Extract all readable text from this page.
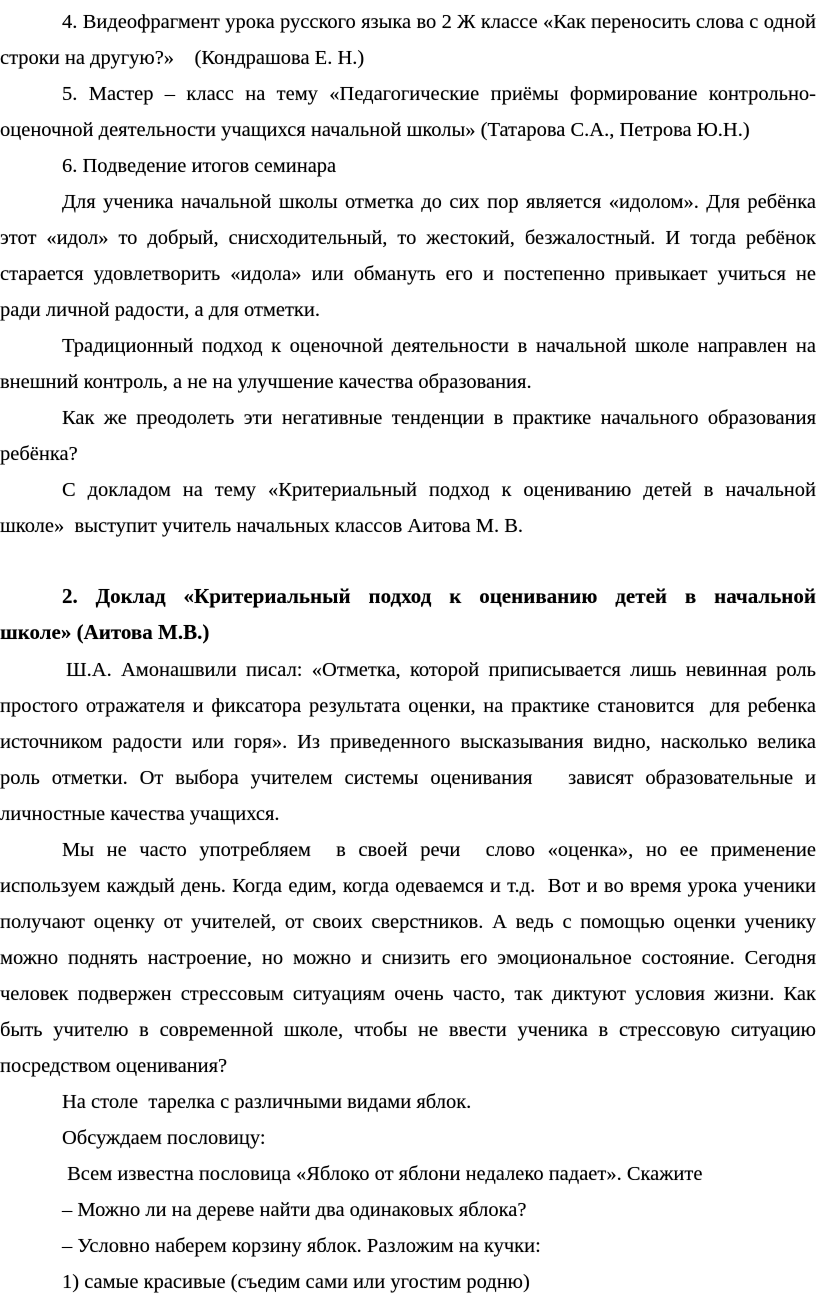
4. Видеофрагмент урока русского языка во 2 Ж классе «Как переносить слова с одной
строки на другую?»    (Кондрашова Е. Н.)
5. Мастер – класс на тему «Педагогические приёмы формирование контрольно-
оценочной деятельности учащихся начальной школы» (Татарова С.А., Петрова Ю.Н.)
6. Подведение итогов семинара
Для ученика начальной школы отметка до сих пор является «идолом». Для ребёнка
этот «идол» то добрый, снисходительный, то жестокий, безжалостный. И тогда ребёнок
старается удовлетворить «идола» или обмануть его и постепенно привыкает учиться не
ради личной радости, а для отметки.
Традиционный подход к оценочной деятельности в начальной школе направлен на
внешний контроль, а не на улучшение качества образования.
Как же преодолеть эти негативные тенденции в практике начального образования
ребёнка?
С докладом на тему «Критериальный подход к оцениванию детей в начальной
школе»  выступит учитель начальных классов Аитова М. В.
2. Доклад «Критериальный подход к оцениванию детей в начальной
школе» (Аитова М.В.)
Ш.А. Амонашвили писал: «Отметка, которой приписывается лишь невинная роль
простого отражателя и фиксатора результата оценки, на практике становится  для ребенка
источником радости или горя». Из приведенного высказывания видно, насколько велика
роль отметки. От выбора учителем системы оценивания   зависят образовательные и
личностные качества учащихся.
Мы не часто употребляем  в своей речи  слово «оценка», но ее применение
используем каждый день. Когда едим, когда одеваемся и т.д.  Вот и во время урока ученики
получают оценку от учителей, от своих сверстников. А ведь с помощью оценки ученику
можно поднять настроение, но можно и снизить его эмоциональное состояние. Сегодня
человек подвержен стрессовым ситуациям очень часто, так диктуют условия жизни. Как
быть учителю в современной школе, чтобы не ввести ученика в стрессовую ситуацию
посредством оценивания?
На столе  тарелка с различными видами яблок.
Обсуждаем пословицу:
Всем известна пословица «Яблоко от яблони недалеко падает». Скажите
– Можно ли на дереве найти два одинаковых яблока?
– Условно наберем корзину яблок. Разложим на кучки:
1) самые красивые (съедим сами или угостим родню)
